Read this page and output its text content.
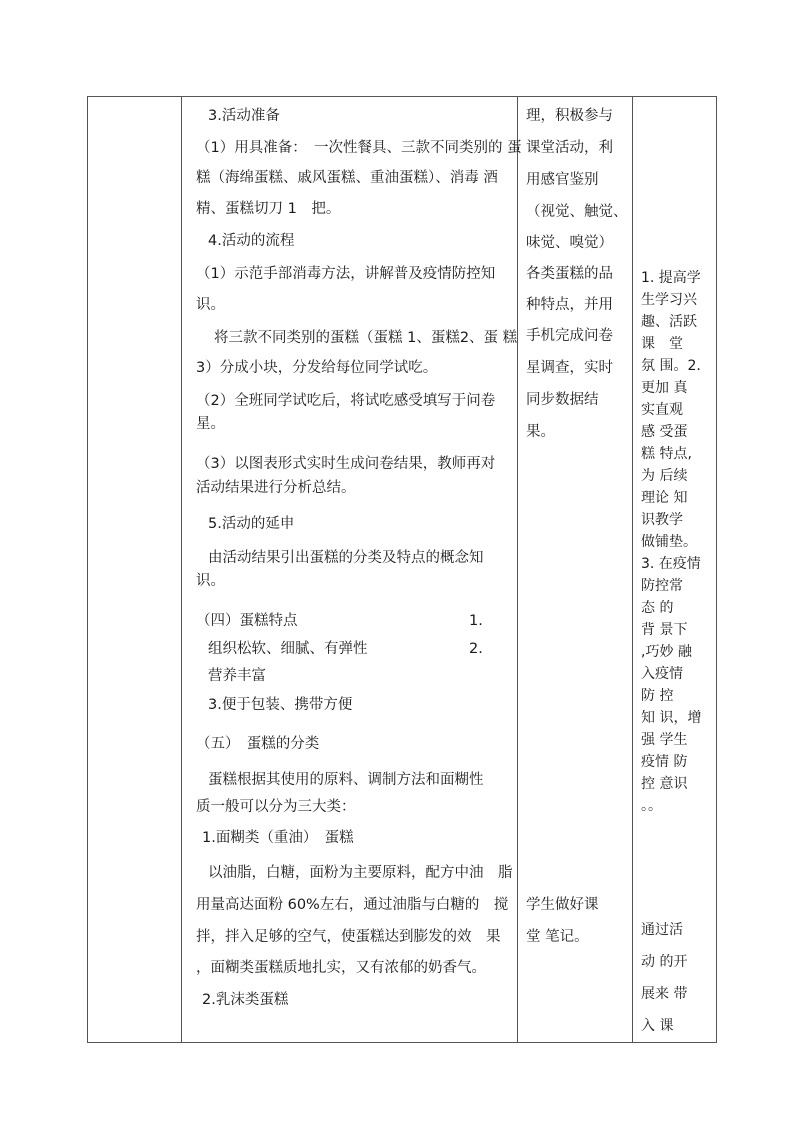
3.活动准备
（1）用具准备：　一次性餐具、三款不同类别的 蛋
糕（海绵蛋糕、戚风蛋糕、重油蛋糕）、消毒 酒
精、蛋糕切刀 1　把。
4.活动的流程
（1）示范手部消毒方法，讲解普及疫情防控知
识。
将三款不同类别的蛋糕（蛋糕 1、蛋糕2、蛋 糕
3）分成小块，分发给每位同学试吃。
（2）全班同学试吃后，将试吃感受填写于问卷
星。
（3）以图表形式实时生成问卷结果，教师再对
活动结果进行分析总结。
5.活动的延申
由活动结果引出蛋糕的分类及特点的概念知
识。
（四）蛋糕特点	1.
组织松软、细腻、有弹性	2.
营养丰富
3.便于包装、携带方便
（五）　蛋糕的分类
蛋糕根据其使用的原料、调制方法和面糊性
质一般可以分为三大类：
1.面糊类（重油）　蛋糕
以油脂，白糖，面粉为主要原料，配方中油　脂
用量高达面粉 60%左右，通过油脂与白糖的　搅
拌，拌入足够的空气，使蛋糕达到膨发的效　果
，面糊类蛋糕质地扎实，又有浓郁的奶香气。
2.乳沫类蛋糕
理，积极参与
课堂活动，利
用感官鉴别
（视觉、触觉、
味觉、嗅觉）
各类蛋糕的品
种特点，并用
手机完成问卷
星调查，实时
同步数据结
果。
学生做好课
堂 笔记。
1. 提高学
生学习兴
趣、活跃
课　堂
氛 围。2.
更加 真
实直观
感 受蛋
糕 特点,
为 后续
理论 知
识教学
做铺垫。
3. 在疫情
防控常
态 的
背 景下
,巧妙 融
入疫情
防 控
知 识，增
强 学生
疫情 防
控 意识
。。
通过活
动 的开
展来 带
入 课
